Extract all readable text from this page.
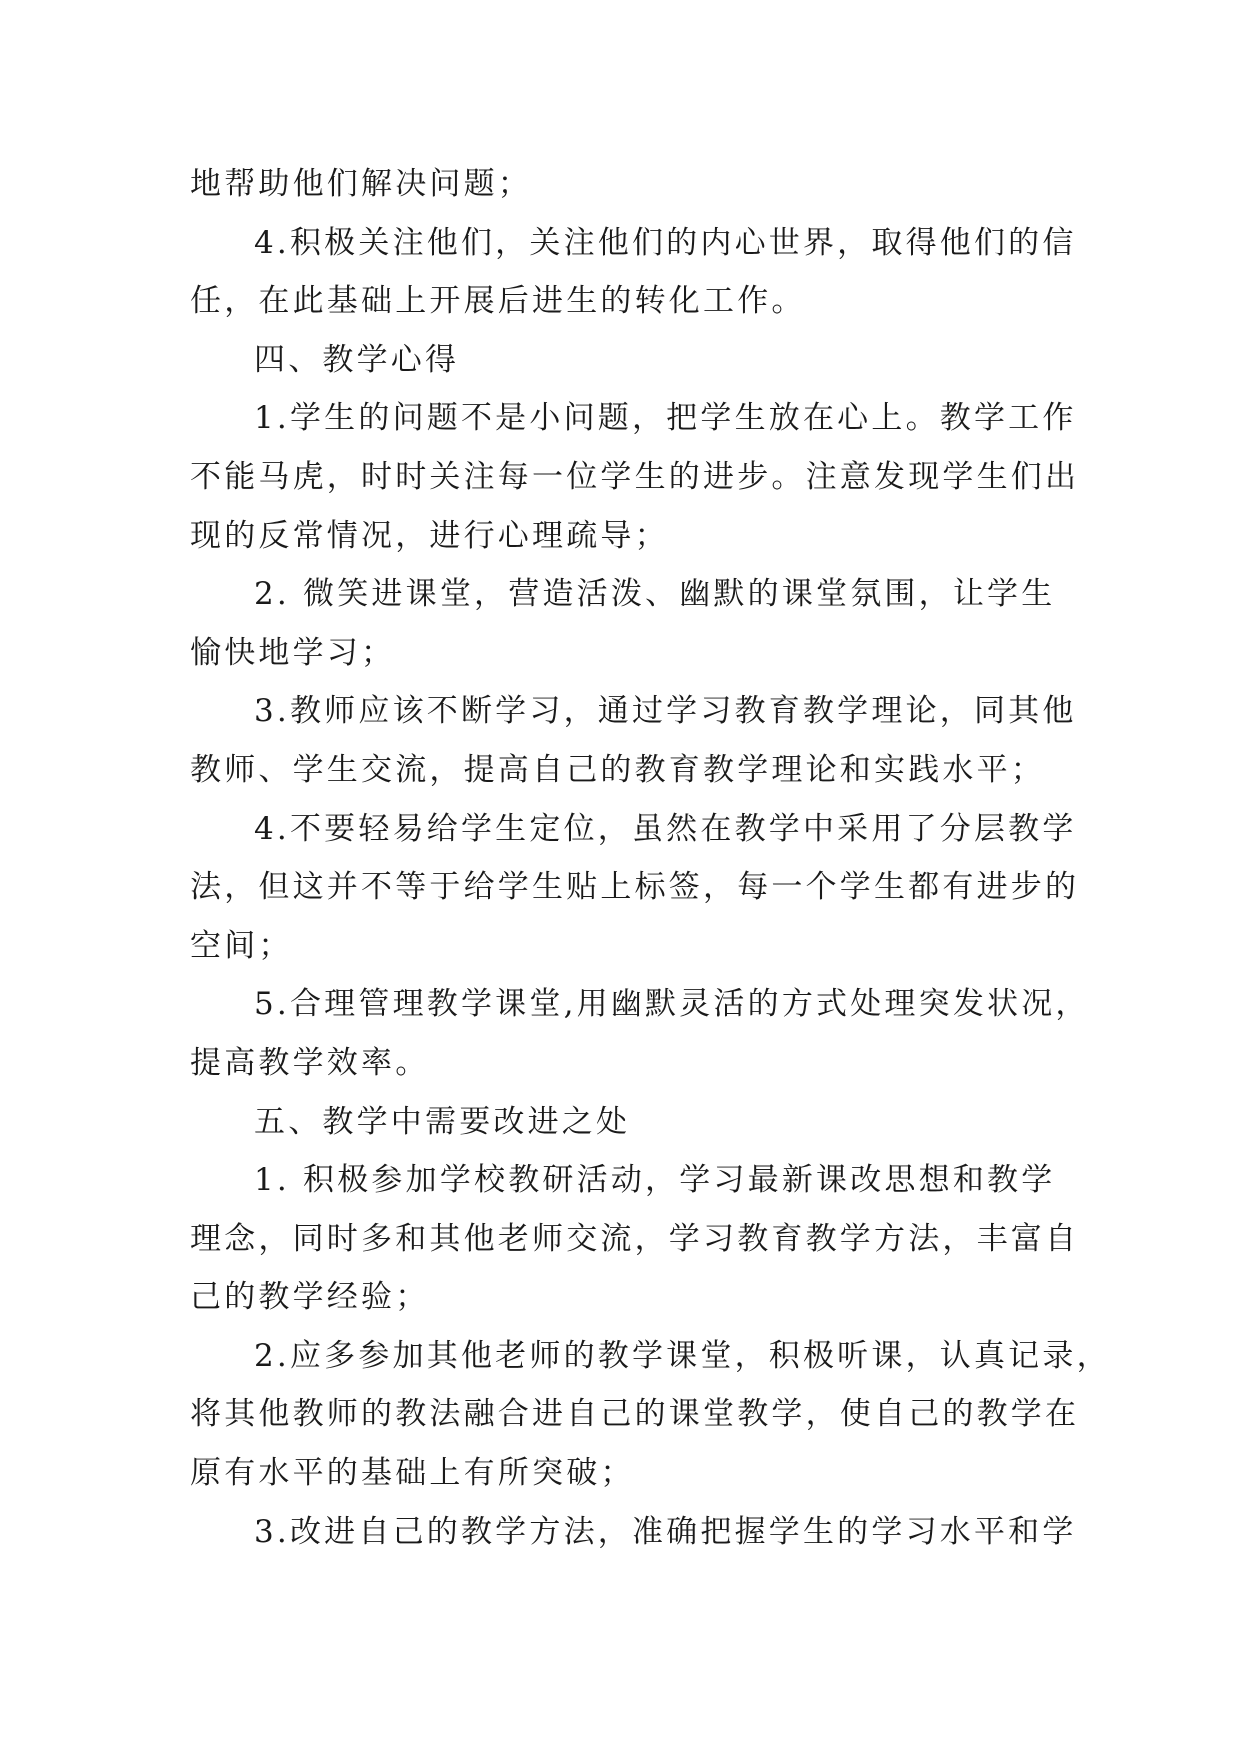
地帮助他们解决问题；
4.积极关注他们，关注他们的内心世界，取得他们的信
任，在此基础上开展后进生的转化工作。
四、教学心得
1.学生的问题不是小问题，把学生放在心上。教学工作
不能马虎，时时关注每一位学生的进步。注意发现学生们出
现的反常情况，进行心理疏导；
2. 微笑进课堂，营造活泼、幽默的课堂氛围，让学生
愉快地学习；
3.教师应该不断学习，通过学习教育教学理论，同其他
教师、学生交流，提高自己的教育教学理论和实践水平；
4.不要轻易给学生定位，虽然在教学中采用了分层教学
法，但这并不等于给学生贴上标签，每一个学生都有进步的
空间；
5.合理管理教学课堂,用幽默灵活的方式处理突发状况，
提高教学效率。
五、教学中需要改进之处
1. 积极参加学校教研活动，学习最新课改思想和教学
理念，同时多和其他老师交流，学习教育教学方法，丰富自
己的教学经验；
2.应多参加其他老师的教学课堂，积极听课，认真记录，
将其他教师的教法融合进自己的课堂教学，使自己的教学在
原有水平的基础上有所突破；
3.改进自己的教学方法，准确把握学生的学习水平和学
